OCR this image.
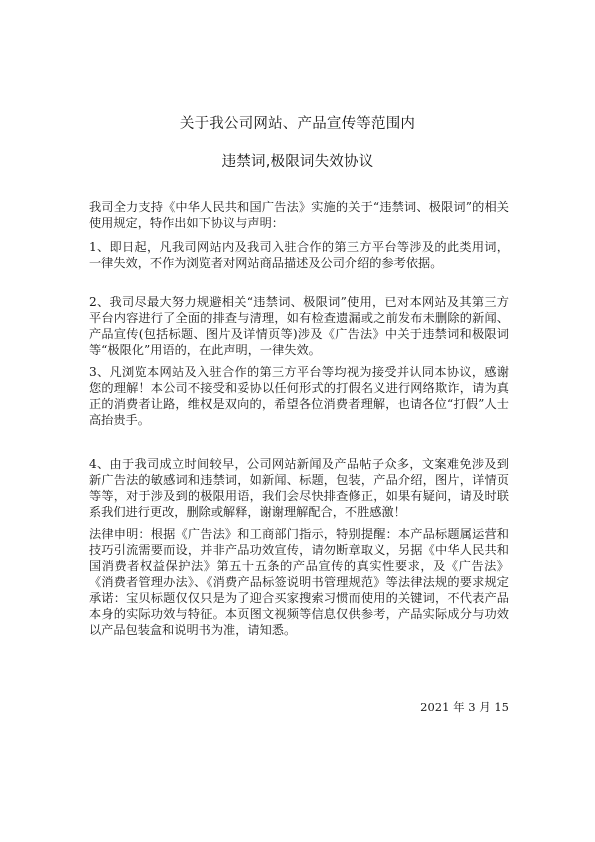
关于我公司网站、产品宣传等范围内
违禁词,极限词失效协议

我司全力支持《中华人民共和国广告法》实施的关于“违禁词、极限词”的相关使用规定，特作出如下协议与声明：

1、即日起，凡我司网站内及我司入驻合作的第三方平台等涉及的此类用词，一律失效，不作为浏览者对网站商品描述及公司介绍的参考依据。

2、我司尽最大努力规避相关“违禁词、极限词”使用，已对本网站及其第三方平台内容进行了全面的排查与清理，如有检查遗漏或之前发布未删除的新闻、产品宣传(包括标题、图片及详情页等)涉及《广告法》中关于违禁词和极限词等“极限化”用语的，在此声明，一律失效。

3、凡浏览本网站及入驻合作的第三方平台等均视为接受并认同本协议，感谢您的理解！本公司不接受和妥协以任何形式的打假名义进行网络欺诈，请为真正的消费者让路，维权是双向的，希望各位消费者理解，也请各位“打假”人士高抬贵手。

4、由于我司成立时间较早，公司网站新闻及产品帖子众多，文案难免涉及到新广告法的敏感词和违禁词，如新闻、标题，包装，产品介绍，图片，详情页等等，对于涉及到的极限用语，我们会尽快排查修正，如果有疑问，请及时联系我们进行更改，删除或解释，谢谢理解配合，不胜感激！

法律申明：根据《广告法》和工商部门指示，特别提醒：本产品标题属运营和技巧引流需要而设，并非产品功效宣传，请勿断章取义，另据《中华人民共和国消费者权益保护法》第五十五条的产品宣传的真实性要求，及《广告法》《消费者管理办法》、《消费产品标签说明书管理规范》等法律法规的要求规定承诺：宝贝标题仅仅只是为了迎合买家搜索习惯而使用的关键词，不代表产品本身的实际功效与特征。本页图文视频等信息仅供参考，产品实际成分与功效以产品包装盒和说明书为准，请知悉。

2021 年 3 月 15
